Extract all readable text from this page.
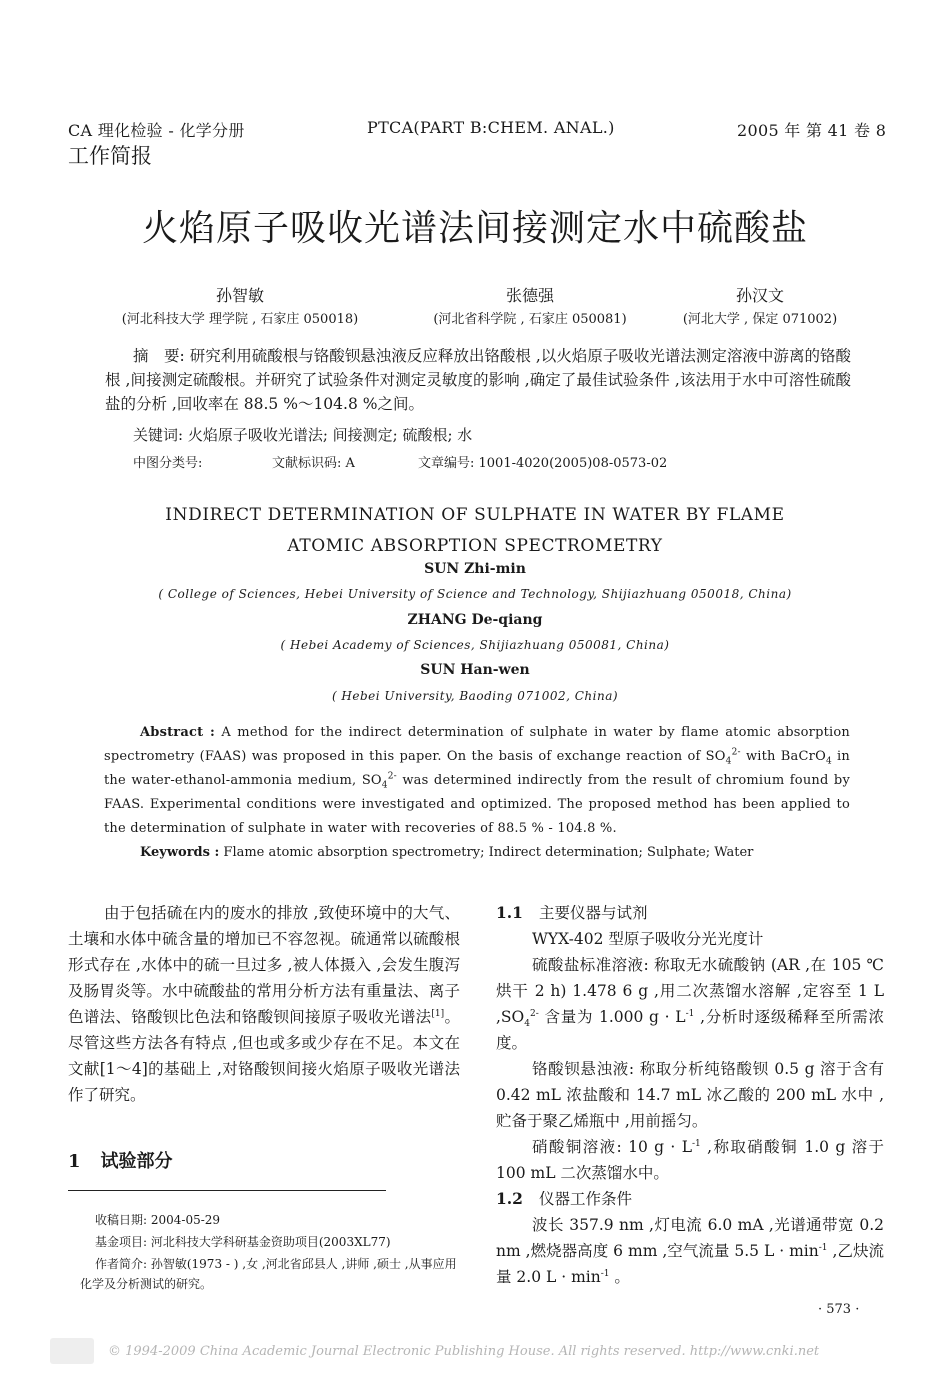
CA 理化检验 - 化学分册	PTCA(PART B:CHEM. ANAL.)	2005 年 第 41 卷 8
工作简报
火焰原子吸收光谱法间接测定水中硫酸盐
孙智敏
(河北科技大学 理学院 , 石家庄 050018)
张德强
(河北省科学院 , 石家庄 050081)
孙汉文
(河北大学 , 保定 071002)
摘　要: 研究利用硫酸根与铬酸钡悬浊液反应释放出铬酸根 ,以火焰原子吸收光谱法测定溶液中游离的铬酸根 ,间接测定硫酸根。并研究了试验条件对测定灵敏度的影响 ,确定了最佳试验条件 ,该法用于水中可溶性硫酸盐的分析 ,回收率在 88.5 %～104.8 %之间。
关键词: 火焰原子吸收光谱法; 间接测定; 硫酸根; 水
中图分类号:	文献标识码: A	文章编号: 1001-4020(2005)08-0573-02
INDIRECT DETERMINATION OF SULPHATE IN WATER BY FLAME
ATOMIC ABSORPTION SPECTROMETRY
SUN Zhi-min
( College of Sciences, Hebei University of Science and Technology, Shijiazhuang 050018, China)
ZHANG De-qiang
( Hebei Academy of Sciences, Shijiazhuang 050081, China)
SUN Han-wen
( Hebei University, Baoding 071002, China)
Abstract : A method for the indirect determination of sulphate in water by flame atomic absorption spectrometry (FAAS) was proposed in this paper. On the basis of exchange reaction of $SO_4^{2-}$ with BaCrO$_4$ in the water-ethanol-ammonia medium, $SO_4^{2-}$ was determined indirectly from the result of chromium found by FAAS. Experimental conditions were investigated and optimized. The proposed method has been applied to the determination of sulphate in water with recoveries of 88.5 % - 104.8 %.
Keywords : Flame atomic absorption spectrometry; Indirect determination; Sulphate; Water
由于包括硫在内的废水的排放 ,致使环境中的大气、土壤和水体中硫含量的增加已不容忽视。硫通常以硫酸根形式存在 ,水体中的硫一旦过多 ,被人体摄入 ,会发生腹泻及肠胃炎等。水中硫酸盐的常用分析方法有重量法、离子色谱法、铬酸钡比色法和铬酸钡间接原子吸收光谱法[1]。尽管这些方法各有特点 ,但也或多或少存在不足。本文在文献[1～4]的基础上 ,对铬酸钡间接火焰原子吸收光谱法作了研究。
1 试验部分
收稿日期: 2004-05-29
基金项目: 河北科技大学科研基金资助项目(2003XL77)
作者简介: 孙智敏(1973 - ) ,女 ,河北省邱县人 ,讲师 ,硕士 ,从事应用化学及分析测试的研究。
1.1 主要仪器与试剂
WYX-402 型原子吸收分光光度计
硫酸盐标准溶液: 称取无水硫酸钠 (AR ,在 105 ℃烘干 2 h) 1.478 6 g ,用二次蒸馏水溶解 ,定容至 1 L $,SO_4^{2-}$ 含量为 1.000 $g \cdot L^{-1}$ ,分析时逐级稀释至所需浓度。
铬酸钡悬浊液: 称取分析纯铬酸钡 0.5 g 溶于含有 0.42 mL 浓盐酸和 14.7 mL 冰乙酸的 200 mL 水中 ,贮备于聚乙烯瓶中 ,用前摇匀。
硝酸铜溶液: 10 $g \cdot L^{-1}$ ,称取硝酸铜 1.0 g 溶于 100 mL 二次蒸馏水中。
1.2 仪器工作条件
波长 357.9 nm ,灯电流 6.0 mA ,光谱通带宽 0.2 nm ,燃烧器高度 6 mm ,空气流量 5.5 $L \cdot \min^{-1}$ ,乙炔流量 2.0 $L \cdot \min^{-1}$ 。
· 573 ·
© 1994-2009 China Academic Journal Electronic Publishing House. All rights reserved. http://www.cnki.net
